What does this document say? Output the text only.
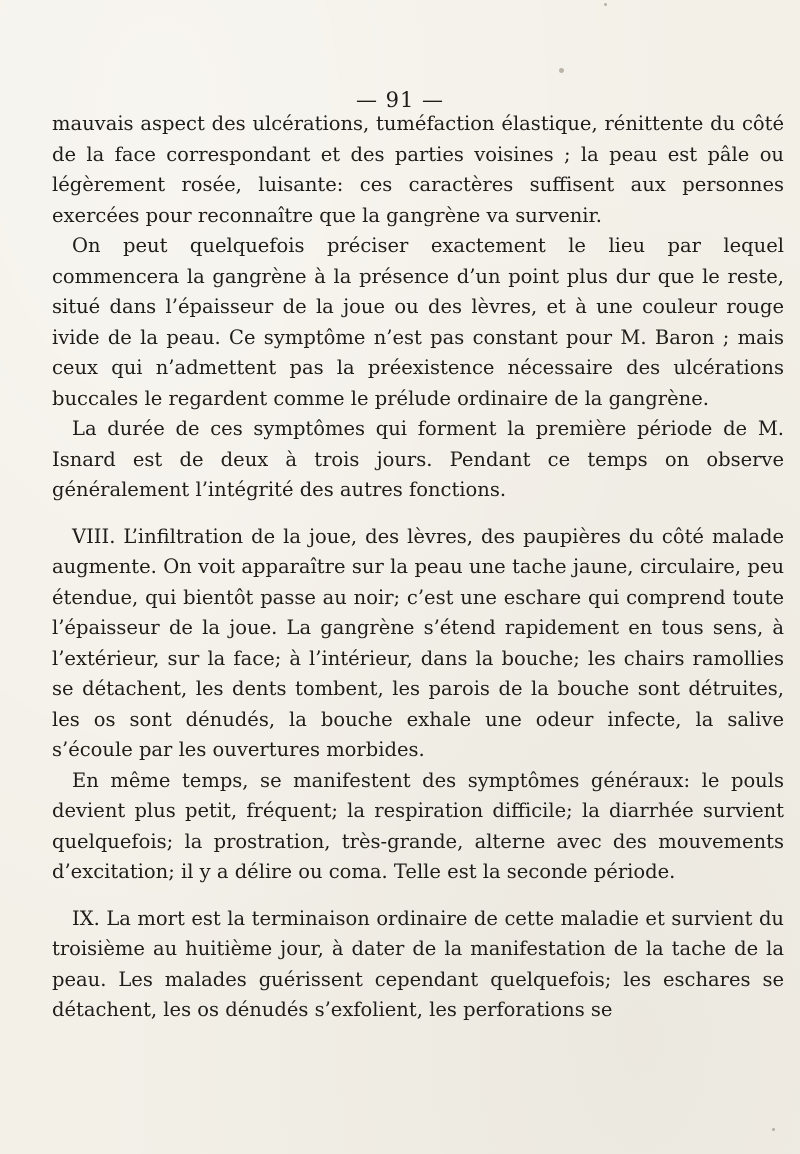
— 91 —

mauvais aspect des ulcérations, tuméfaction élastique, rénittente du côté de la face correspondant et des parties voisines ; la peau est pâle ou légèrement rosée, luisante: ces caractères suffisent aux personnes exercées pour reconnaître que la gangrène va survenir.

On peut quelquefois préciser exactement le lieu par lequel commencera la gangrène à la présence d’un point plus dur que le reste, situé dans l’épaisseur de la joue ou des lèvres, et à une couleur rouge ivide de la peau. Ce symptôme n’est pas constant pour M. Baron ; mais ceux qui n’admettent pas la préexistence nécessaire des ulcérations buccales le regardent comme le prélude ordinaire de la gangrène.

La durée de ces symptômes qui forment la première période de M. Isnard est de deux à trois jours. Pendant ce temps on observe généralement l’intégrité des autres fonctions.

VIII. L’infiltration de la joue, des lèvres, des paupières du côté malade augmente. On voit apparaître sur la peau une tache jaune, circulaire, peu étendue, qui bientôt passe au noir; c’est une eschare qui comprend toute l’épaisseur de la joue. La gangrène s’étend rapidement en tous sens, à l’extérieur, sur la face; à l’intérieur, dans la bouche; les chairs ramollies se détachent, les dents tombent, les parois de la bouche sont détruites, les os sont dénudés, la bouche exhale une odeur infecte, la salive s’écoule par les ouvertures morbides.

En même temps, se manifestent des symptômes généraux: le pouls devient plus petit, fréquent; la respiration difficile; la diarrhée survient quelquefois; la prostration, très-grande, alterne avec des mouvements d’excitation; il y a délire ou coma. Telle est la seconde période.

IX. La mort est la terminaison ordinaire de cette maladie et survient du troisième au huitième jour, à dater de la manifestation de la tache de la peau. Les malades guérissent cependant quelquefois; les eschares se détachent, les os dénudés s’exfolient, les perforations se
